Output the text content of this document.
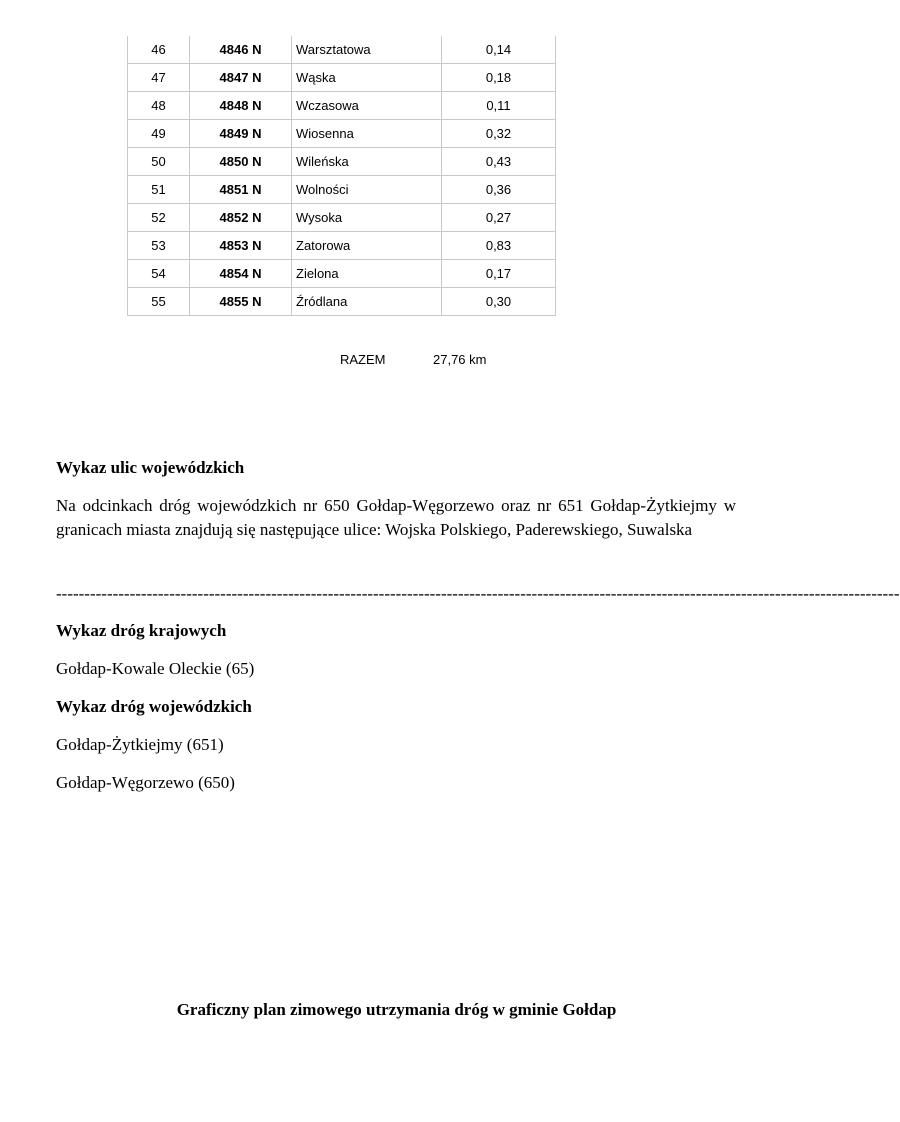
46	4846 N	Warsztatowa	0,14
47	4847 N	Wąska	0,18
48	4848 N	Wczasowa	0,11
49	4849 N	Wiosenna	0,32
50	4850 N	Wileńska	0,43
51	4851 N	Wolności	0,36
52	4852 N	Wysoka	0,27
53	4853 N	Zatorowa	0,83
54	4854 N	Zielona	0,17
55	4855 N	Źródlana	0,30
RAZEM	27,76 km

Wykaz ulic wojewódzkich

Na odcinkach dróg wojewódzkich nr 650 Gołdap-Węgorzewo oraz nr 651 Gołdap-Żytkiejmy w granicach miasta znajdują się następujące ulice: Wojska Polskiego, Paderewskiego, Suwalska

-----------------------------------------------------------------------------------------------------------------------------------------------------

Wykaz dróg krajowych

Gołdap-Kowale Oleckie (65)

Wykaz dróg wojewódzkich

Gołdap-Żytkiejmy (651)

Gołdap-Węgorzewo (650)

Graficzny plan zimowego utrzymania dróg w gminie Gołdap
